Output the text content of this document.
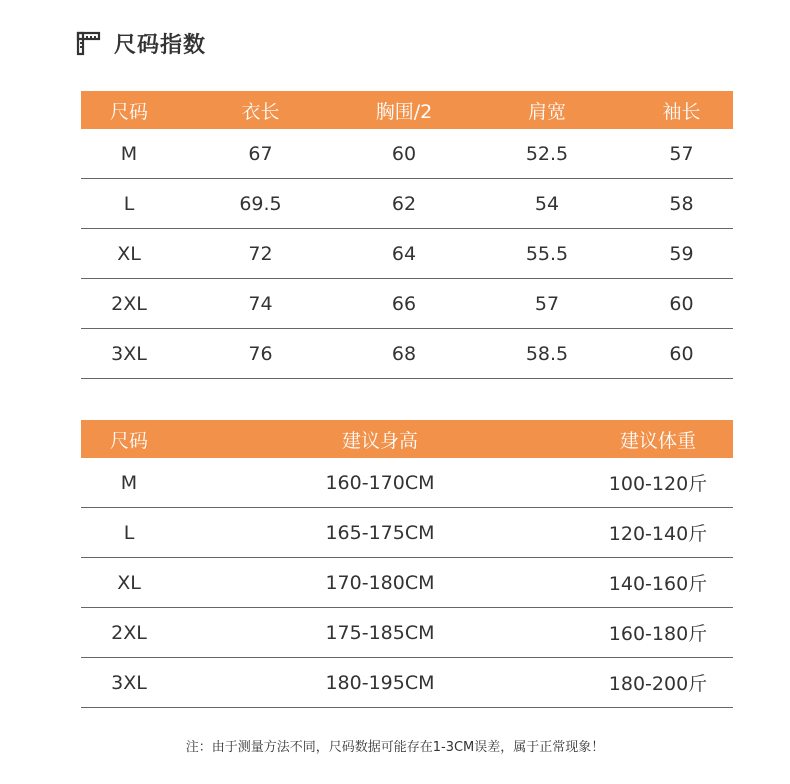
尺码指数
尺码	衣长	胸围/2	肩宽	袖长
M	67	60	52.5	57
L	69.5	62	54	58
XL	72	64	55.5	59
2XL	74	66	57	60
3XL	76	68	58.5	60
尺码	建议身高	建议体重
M	160-170CM	100-120斤
L	165-175CM	120-140斤
XL	170-180CM	140-160斤
2XL	175-185CM	160-180斤
3XL	180-195CM	180-200斤
注：由于测量方法不同，尺码数据可能存在1-3CM误差，属于正常现象！
